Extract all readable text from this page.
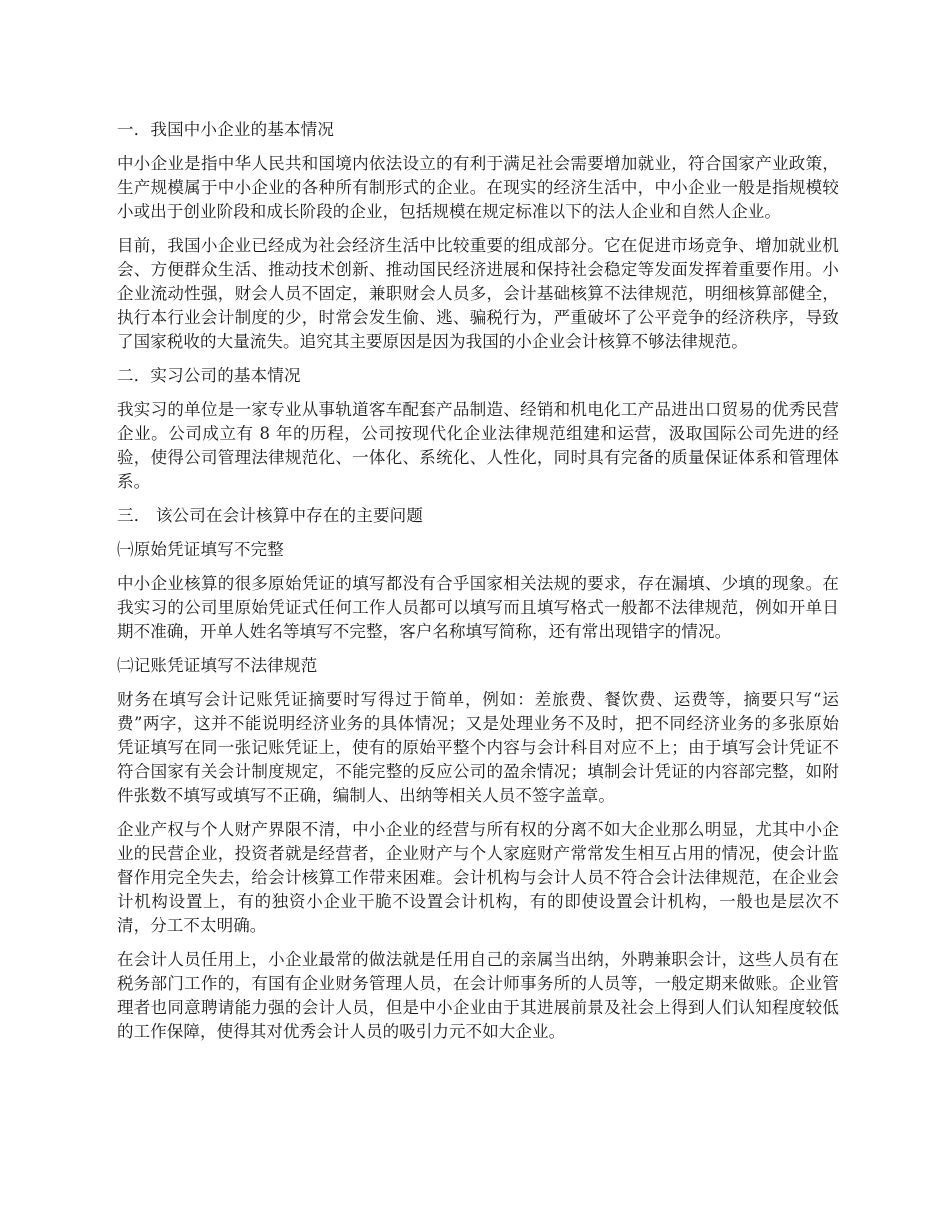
一．我国中小企业的基本情况

中小企业是指中华人民共和国境内依法设立的有利于满足社会需要增加就业，符合国家产业政策，生产规模属于中小企业的各种所有制形式的企业。在现实的经济生活中，中小企业一般是指规模较小或出于创业阶段和成长阶段的企业，包括规模在规定标准以下的法人企业和自然人企业。

目前，我国小企业已经成为社会经济生活中比较重要的组成部分。它在促进市场竞争、增加就业机会、方便群众生活、推动技术创新、推动国民经济进展和保持社会稳定等发面发挥着重要作用。小企业流动性强，财会人员不固定，兼职财会人员多，会计基础核算不法律规范，明细核算部健全，执行本行业会计制度的少，时常会发生偷、逃、骗税行为，严重破坏了公平竞争的经济秩序，导致了国家税收的大量流失。追究其主要原因是因为我国的小企业会计核算不够法律规范。

二．实习公司的基本情况

我实习的单位是一家专业从事轨道客车配套产品制造、经销和机电化工产品进出口贸易的优秀民营企业。公司成立有 8 年的历程，公司按现代化企业法律规范组建和运营，汲取国际公司先进的经验，使得公司管理法律规范化、一体化、系统化、人性化，同时具有完备的质量保证体系和管理体系。

三． 该公司在会计核算中存在的主要问题

㈠原始凭证填写不完整

中小企业核算的很多原始凭证的填写都没有合乎国家相关法规的要求，存在漏填、少填的现象。在我实习的公司里原始凭证式任何工作人员都可以填写而且填写格式一般都不法律规范，例如开单日期不准确，开单人姓名等填写不完整，客户名称填写简称，还有常出现错字的情况。

㈡记账凭证填写不法律规范

财务在填写会计记账凭证摘要时写得过于简单，例如：差旅费、餐饮费、运费等，摘要只写“运费”两字，这并不能说明经济业务的具体情况；又是处理业务不及时，把不同经济业务的多张原始凭证填写在同一张记账凭证上，使有的原始平整个内容与会计科目对应不上；由于填写会计凭证不符合国家有关会计制度规定，不能完整的反应公司的盈余情况；填制会计凭证的内容部完整，如附件张数不填写或填写不正确，编制人、出纳等相关人员不签字盖章。

企业产权与个人财产界限不清，中小企业的经营与所有权的分离不如大企业那么明显，尤其中小企业的民营企业，投资者就是经营者，企业财产与个人家庭财产常常发生相互占用的情况，使会计监督作用完全失去，给会计核算工作带来困难。会计机构与会计人员不符合会计法律规范，在企业会计机构设置上，有的独资小企业干脆不设置会计机构，有的即使设置会计机构，一般也是层次不清，分工不太明确。

在会计人员任用上，小企业最常的做法就是任用自己的亲属当出纳，外聘兼职会计，这些人员有在税务部门工作的，有国有企业财务管理人员，在会计师事务所的人员等，一般定期来做账。企业管理者也同意聘请能力强的会计人员，但是中小企业由于其进展前景及社会上得到人们认知程度较低的工作保障，使得其对优秀会计人员的吸引力元不如大企业。
